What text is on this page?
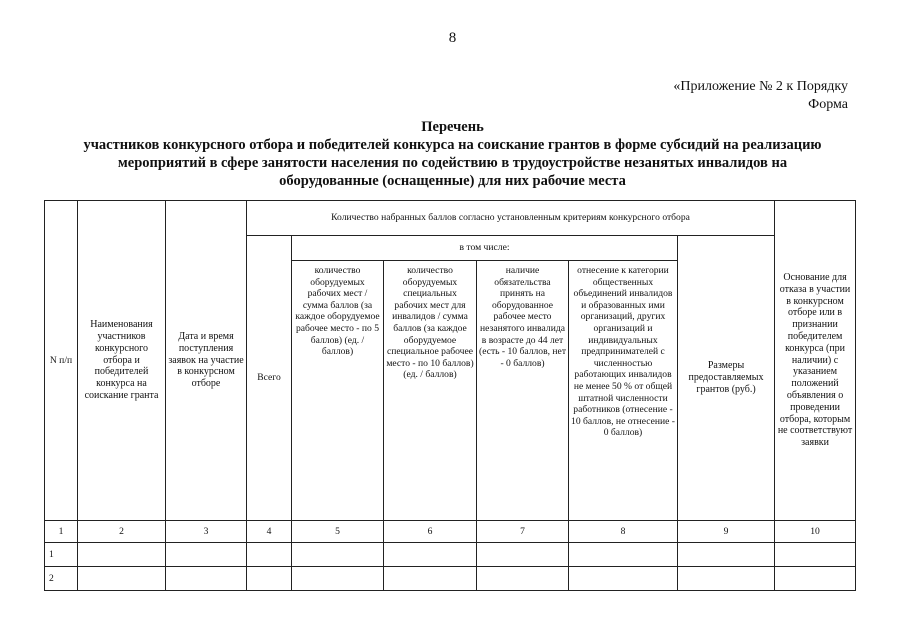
8
«Приложение № 2 к Порядку
Форма
Перечень
участников конкурсного отбора и победителей конкурса на соискание грантов в форме субсидий на реализацию
мероприятий в сфере занятости населения по содействию в трудоустройстве незанятых инвалидов на
оборудованные (оснащенные) для них рабочие места
N п/п	Наименования участников конкурсного отбора и победителей конкурса на соискание гранта	Дата и время поступления заявок на участие в конкурсном отборе	Количество набранных баллов согласно установленным критериям конкурсного отбора						Основание для отказа в участии в конкурсном отборе или в признании победителем конкурса (при наличии) с указанием положений объявления о проведении отбора, которым не соответствуют заявки
			Всего	в том числе:				Размеры предоставляемых грантов (руб.)	
				количество оборудуемых рабочих мест / сумма баллов (за каждое оборудуемое рабочее место - по 5 баллов) (ед. / баллов)	количество оборудуемых специальных рабочих мест для инвалидов / сумма баллов (за каждое оборудуемое специальное рабочее место - по 10 баллов) (ед. / баллов)	наличие обязательства принять на оборудованное рабочее место незанятого инвалида в возрасте до 44 лет (есть - 10 баллов, нет - 0 баллов)	отнесение к категории общественных объединений инвалидов и образованных ими организаций, других организаций и индивидуальных предпринимателей с численностью работающих инвалидов не менее 50 % от общей штатной численности работников (отнесение - 10 баллов, не отнесение - 0 баллов)		
1	2	3	4	5	6	7	8	9	10
1									
2									
